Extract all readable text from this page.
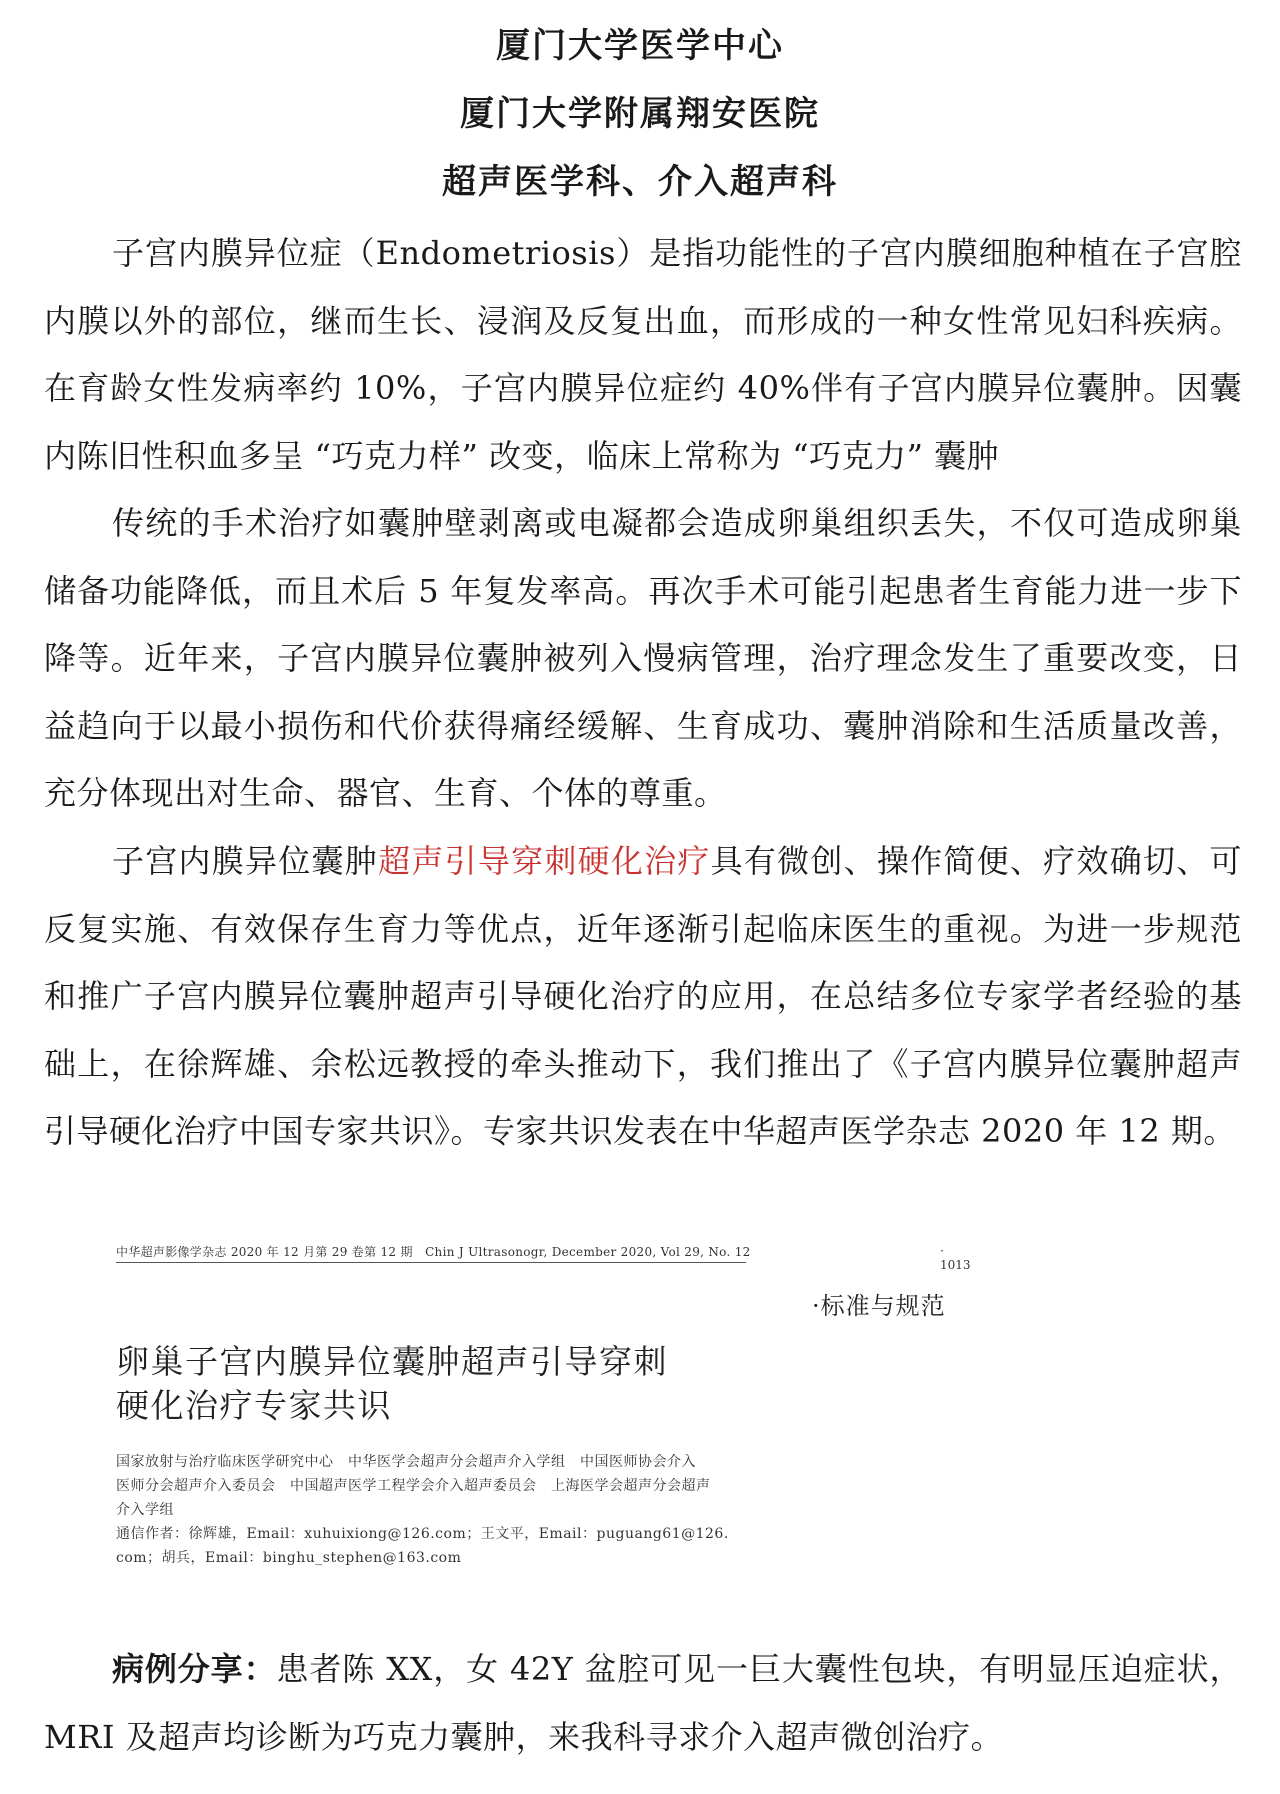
厦门大学医学中心
厦门大学附属翔安医院
超声医学科、介入超声科

子宫内膜异位症（Endometriosis）是指功能性的子宫内膜细胞种植在子宫腔内膜以外的部位，继而生长、浸润及反复出血，而形成的一种女性常见妇科疾病。在育龄女性发病率约 10%，子宫内膜异位症约 40%伴有子宫内膜异位囊肿。因囊内陈旧性积血多呈 “巧克力样” 改变，临床上常称为 “巧克力” 囊肿

传统的手术治疗如囊肿壁剥离或电凝都会造成卵巢组织丢失，不仅可造成卵巢储备功能降低，而且术后 5 年复发率高。再次手术可能引起患者生育能力进一步下降等。近年来，子宫内膜异位囊肿被列入慢病管理，治疗理念发生了重要改变，日益趋向于以最小损伤和代价获得痛经缓解、生育成功、囊肿消除和生活质量改善，充分体现出对生命、器官、生育、个体的尊重。

子宫内膜异位囊肿超声引导穿刺硬化治疗具有微创、操作简便、疗效确切、可反复实施、有效保存生育力等优点，近年逐渐引起临床医生的重视。为进一步规范和推广子宫内膜异位囊肿超声引导硬化治疗的应用，在总结多位专家学者经验的基础上，在徐辉雄、余松远教授的牵头推动下，我们推出了《子宫内膜异位囊肿超声引导硬化治疗中国专家共识》。专家共识发表在中华超声医学杂志 2020 年 12 期。

中华超声影像学杂志 2020 年 12 月第 29 卷第 12 期　Chin J Ultrasonogr, December 2020, Vol 29, No. 12	· 1013
·标准与规范
卵巢子宫内膜异位囊肿超声引导穿刺
硬化治疗专家共识
国家放射与治疗临床医学研究中心　中华医学会超声分会超声介入学组　中国医师协会介入
医师分会超声介入委员会　中国超声医学工程学会介入超声委员会　上海医学会超声分会超声
介入学组
通信作者：徐辉雄，Email：xuhuixiong@126.com；王文平，Email：puguang61@126.
com；胡兵，Email：binghu_stephen@163.com

病例分享：患者陈 XX，女 42Y 盆腔可见一巨大囊性包块，有明显压迫症状，MRI 及超声均诊断为巧克力囊肿，来我科寻求介入超声微创治疗。
